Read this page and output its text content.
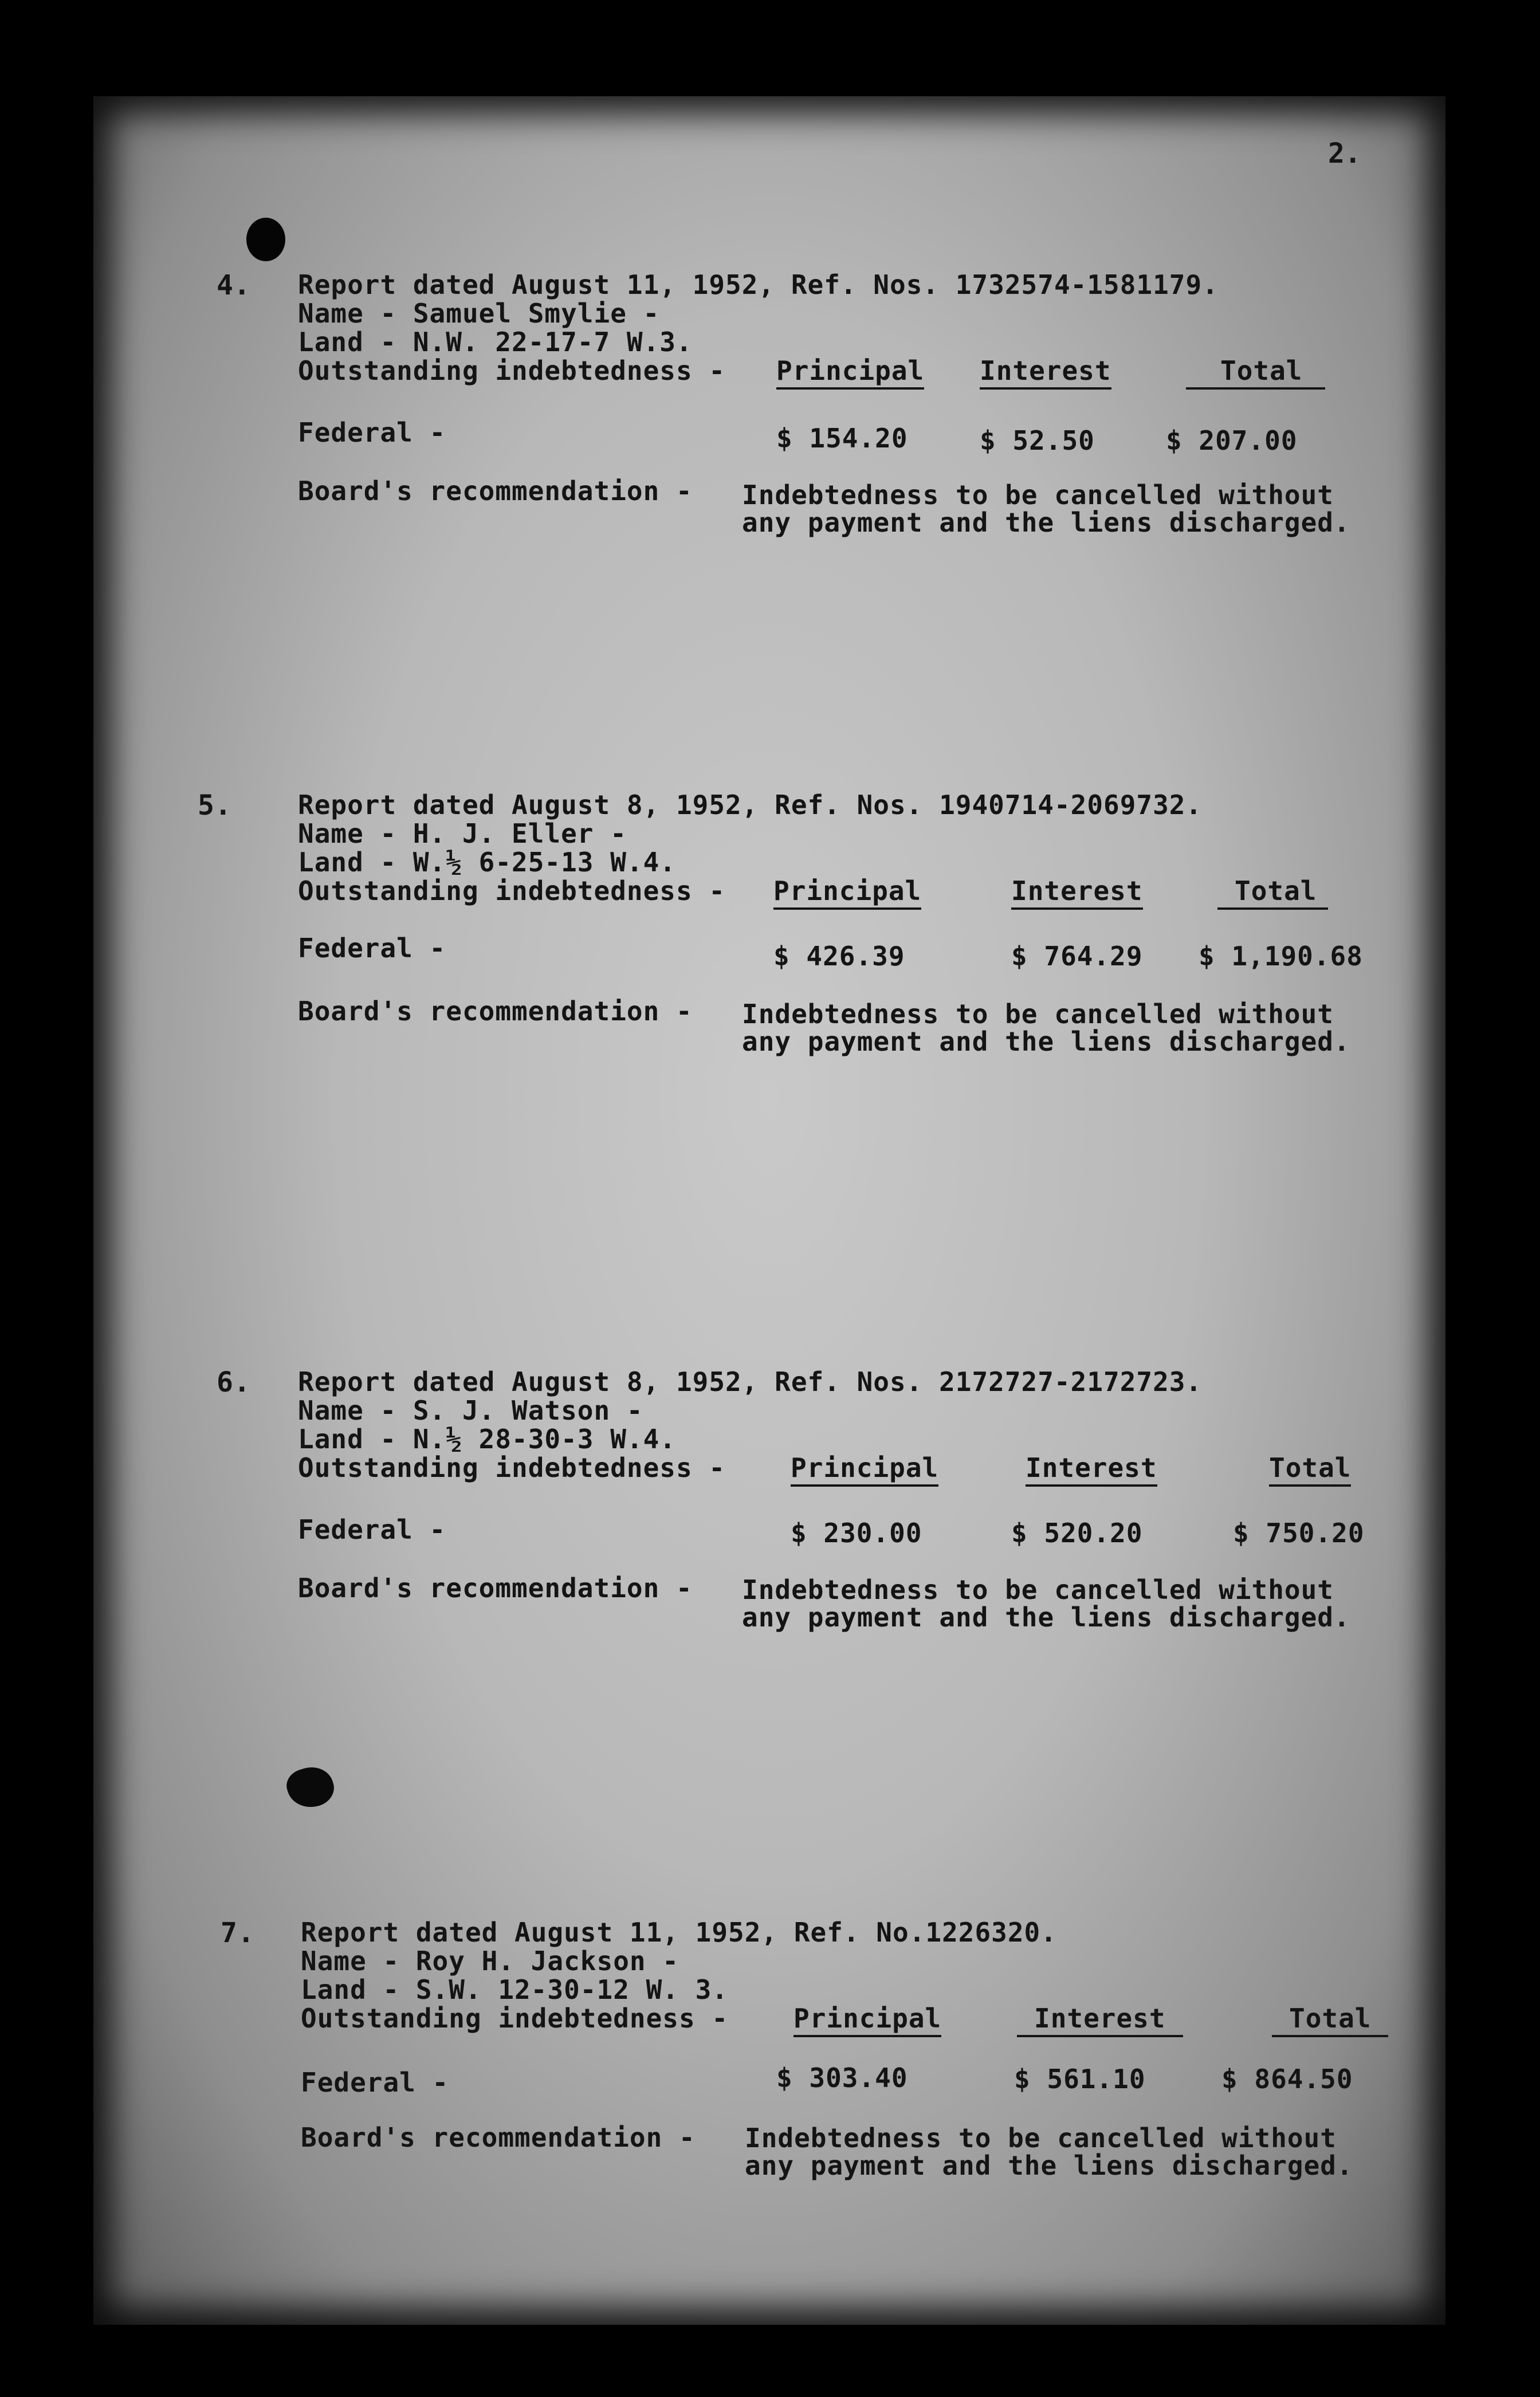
2.
4. Report dated August 11, 1952, Ref. Nos. 1732574-1581179.
Name - Samuel Smylie -
Land - N.W. 22-17-7 W.3.
Outstanding indebtedness - Principal Interest	Total
Federal -	$ 154.20	$ 52.50	$ 207.00
Board's recommendation - Indebtedness to be cancelled without
any payment and the liens discharged.
5.	Report dated August 8, 1952, Ref. Nos. 1940714-2069732.
Name - H. J. Eller -
Land - W.½ 6-25-13 W.4.
Outstanding indebtedness - Principal	Interest	Total
Federal -	$ 426.39	$ 764.29 $ 1,190.68
Board's recommendation - Indebtedness to be cancelled without
any payment and the liens discharged.
6. Report dated August 8, 1952, Ref. Nos. 2172727-2172723.
Name - S. J. Watson -
Land - N.½ 28-30-3 W.4.
Outstanding indebtedness - Principal	Interest	Total
Federal -	$ 230.00	$ 520.20	$ 750.20
Board's recommendation - Indebtedness to be cancelled without
any payment and the liens discharged.
7. Report dated August 11, 1952, Ref. No.1226320.
Name - Roy H. Jackson -
Land - S.W. 12-30-12 W. 3.
Outstanding indebtedness - Principal	Interest	Total
Federal -	$ 303.40	$ 561.10	$ 864.50
Board's recommendation - Indebtedness to be cancelled without
any payment and the liens discharged.
